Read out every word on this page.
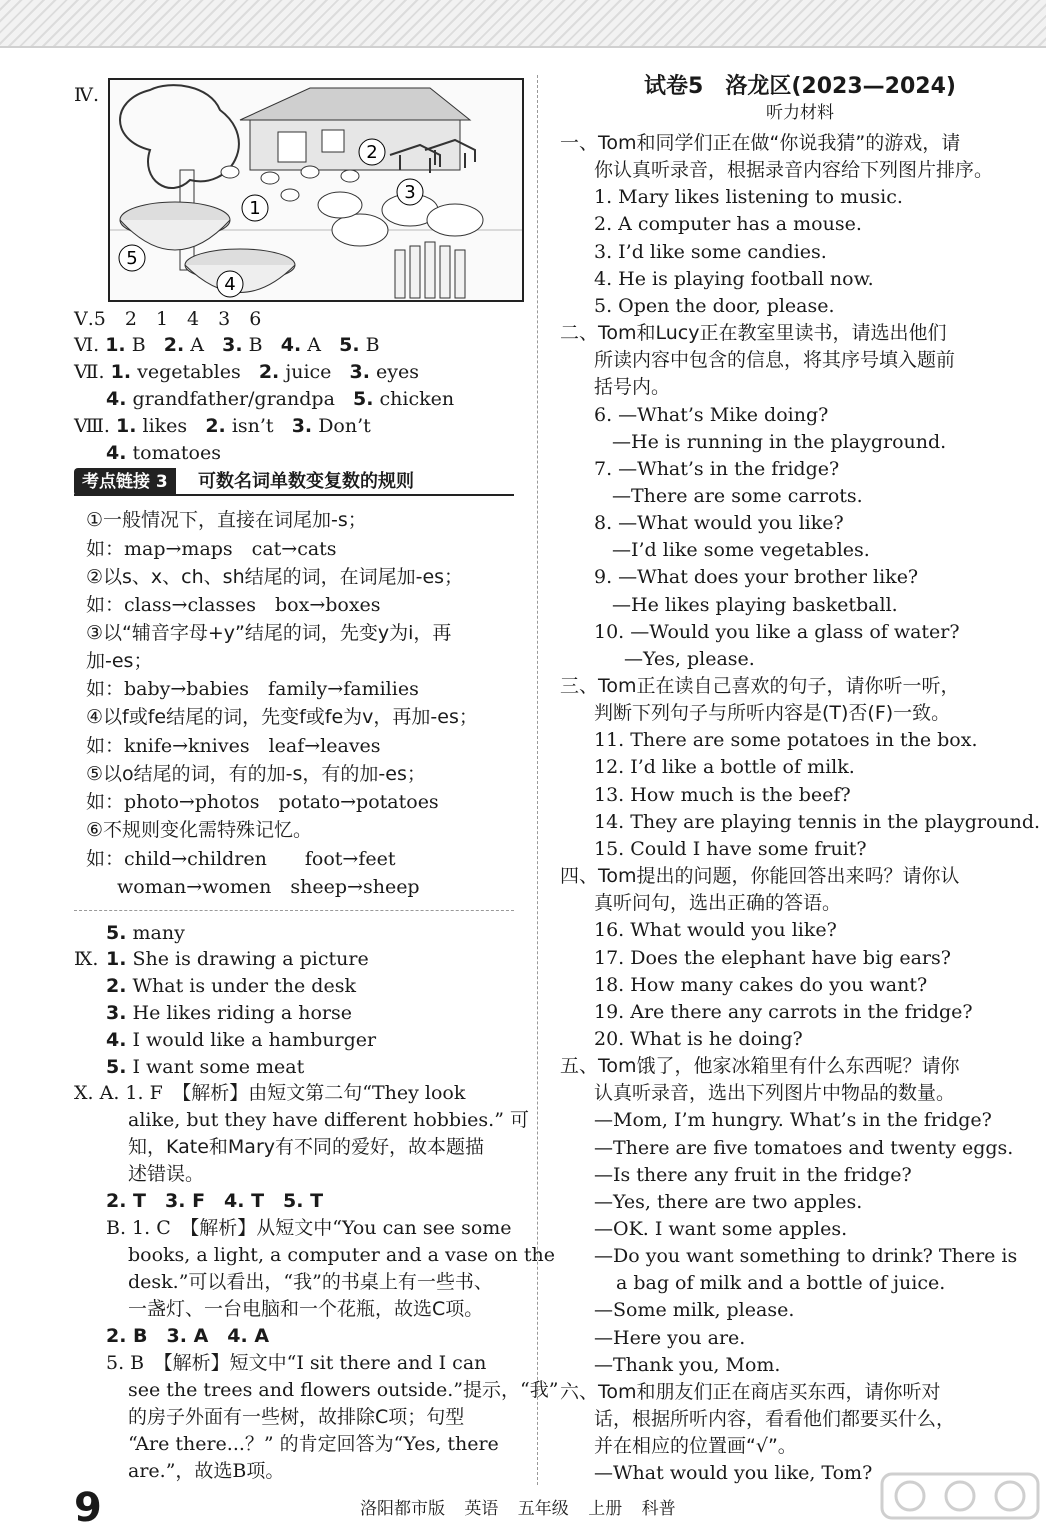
Ⅳ.
1
2
3
4
5
Ⅴ.5　2　1　4　3　6
Ⅵ. 1. B 2. A 3. B 4. A 5. B
Ⅶ. 1. vegetables 2. juice 3. eyes
4. grandfather/grandpa 5. chicken
Ⅷ. 1. likes 2. isn’t 3. Don’t
4. tomatoes
考点链接 3	可数名词单数变复数的规则
①一般情况下，直接在词尾加-s；
如：map→maps　cat→cats
②以s、x、ch、sh结尾的词，在词尾加-es；
如：class→classes　box→boxes
③以“辅音字母+y”结尾的词，先变y为i，再
加-es；
如：baby→babies　family→families
④以f或fe结尾的词，先变f或fe为v，再加-es；
如：knife→knives　leaf→leaves
⑤以o结尾的词，有的加-s，有的加-es；
如：photo→photos　potato→potatoes
⑥不规则变化需特殊记忆。
如：child→children　　foot→feet
　woman→women　sheep→sheep
5. many
Ⅸ. 1. She is drawing a picture
2. What is under the desk
3. He likes riding a horse
4. I would like a hamburger
5. I want some meat
Ⅹ. A. 1. F　【解析】由短文第二句“They look
alike, but they have different hobbies.” 可
知，Kate和Mary有不同的爱好，故本题描
述错误。
2. T　3. F　4. T　5. T
B. 1. C　【解析】从短文中“You can see some
books, a light, a computer and a vase on the
desk.”可以看出，“我”的书桌上有一些书、
一盏灯、一台电脑和一个花瓶，故选C项。
2. B　3. A　4. A
5. B　【解析】短文中“I sit there and I can
see the trees and flowers outside.”提示，“我”
的房子外面有一些树，故排除C项；句型
“Are there...？” 的肯定回答为“Yes, there
are.”，故选B项。
试卷5　洛龙区(2023—2024)
听力材料
一、Tom和同学们正在做“你说我猜”的游戏，请
你认真听录音，根据录音内容给下列图片排序。
1. Mary likes listening to music.
2. A computer has a mouse.
3. I’d like some candies.
4. He is playing football now.
5. Open the door, please.
二、Tom和Lucy正在教室里读书，请选出他们
所读内容中包含的信息，将其序号填入题前
括号内。
6. —What’s Mike doing?
—He is running in the playground.
7. —What’s in the fridge?
—There are some carrots.
8. —What would you like?
—I’d like some vegetables.
9. —What does your brother like?
—He likes playing basketball.
10. —Would you like a glass of water?
—Yes, please.
三、Tom正在读自己喜欢的句子，请你听一听，
判断下列句子与所听内容是(T)否(F)一致。
11. There are some potatoes in the box.
12. I’d like a bottle of milk.
13. How much is the beef?
14. They are playing tennis in the playground.
15. Could I have some fruit?
四、Tom提出的问题，你能回答出来吗？请你认
真听问句，选出正确的答语。
16. What would you like?
17. Does the elephant have big ears?
18. How many cakes do you want?
19. Are there any carrots in the fridge?
20. What is he doing?
五、Tom饿了，他家冰箱里有什么东西呢？请你
认真听录音，选出下列图片中物品的数量。
—Mom, I’m hungry. What’s in the fridge?
—There are five tomatoes and twenty eggs.
—Is there any fruit in the fridge?
—Yes, there are two apples.
—OK. I want some apples.
—Do you want something to drink? There is
a bag of milk and a bottle of juice.
—Some milk, please.
—Here you are.
—Thank you, Mom.
六、Tom和朋友们正在商店买东西，请你听对
话，根据所听内容，看看他们都要买什么，
并在相应的位置画“√”。
—What would you like, Tom?
9	洛阳都市版 英语 五年级 上册 科普
